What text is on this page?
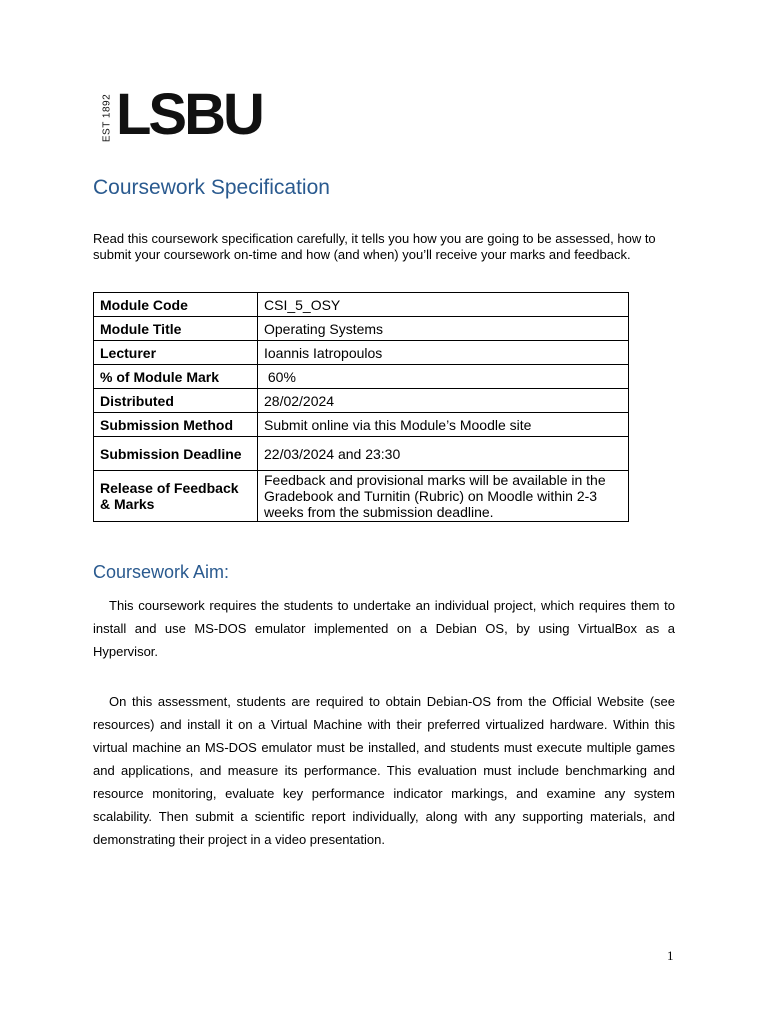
EST 1892 LSBU
Coursework Specification

Read this coursework specification carefully, it tells you how you are going to be assessed, how to submit your coursework on-time and how (and when) you’ll receive your marks and feedback.

Module Code	CSI_5_OSY
Module Title	Operating Systems
Lecturer	Ioannis Iatropoulos
% of Module Mark	60%
Distributed	28/02/2024
Submission Method	Submit online via this Module’s Moodle site
Submission Deadline	22/03/2024 and 23:30
Release of Feedback & Marks	Feedback and provisional marks will be available in the Gradebook and Turnitin (Rubric) on Moodle within 2-3 weeks from the submission deadline.
Coursework Aim:

This coursework requires the students to undertake an individual project, which requires them to install and use MS-DOS emulator implemented on a Debian OS, by using VirtualBox as a Hypervisor.

On this assessment, students are required to obtain Debian-OS from the Official Website (see resources) and install it on a Virtual Machine with their preferred virtualized hardware. Within this virtual machine an MS-DOS emulator must be installed, and students must execute multiple games and applications, and measure its performance. This evaluation must include benchmarking and resource monitoring, evaluate key performance indicator markings, and examine any system scalability. Then submit a scientific report individually, along with any supporting materials, and demonstrating their project in a video presentation.

1
